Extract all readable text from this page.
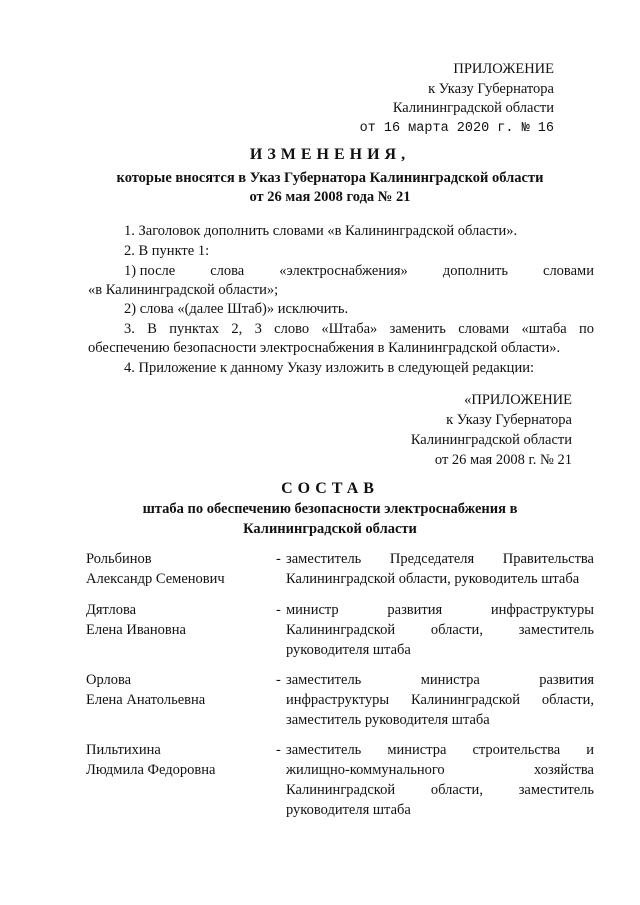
ПРИЛОЖЕНИЕ
к Указу Губернатора
Калининградской области
от 16 марта 2020 г. № 16
ИЗМЕНЕНИЯ,
которые вносятся в Указ Губернатора Калининградской области
от 26 мая 2008 года № 21
1. Заголовок дополнить словами «в Калининградской области».
2. В пункте 1:
1) после слова «электроснабжения» дополнить словами
«в Калининградской области»;
2) слова «(далее Штаб)» исключить.
3. В пунктах 2, 3 слово «Штаба» заменить словами «штаба по
обеспечению безопасности электроснабжения в Калининградской области».
4. Приложение к данному Указу изложить в следующей редакции:
«ПРИЛОЖЕНИЕ
к Указу Губернатора
Калининградской области
от 26 мая 2008 г. № 21
СОСТАВ
штаба по обеспечению безопасности электроснабжения в
Калининградской области
Рольбинов
Александр Семенович
- заместитель Председателя Правительства
Калининградской области, руководитель штаба
Дятлова
Елена Ивановна
- министр развития инфраструктуры
Калининградской области, заместитель
руководителя штаба
Орлова
Елена Анатольевна
- заместитель министра развития
инфраструктуры Калининградской области,
заместитель руководителя штаба
Пильтихина
Людмила Федоровна
- заместитель министра строительства и
жилищно-коммунального хозяйства
Калининградской области, заместитель
руководителя штаба
